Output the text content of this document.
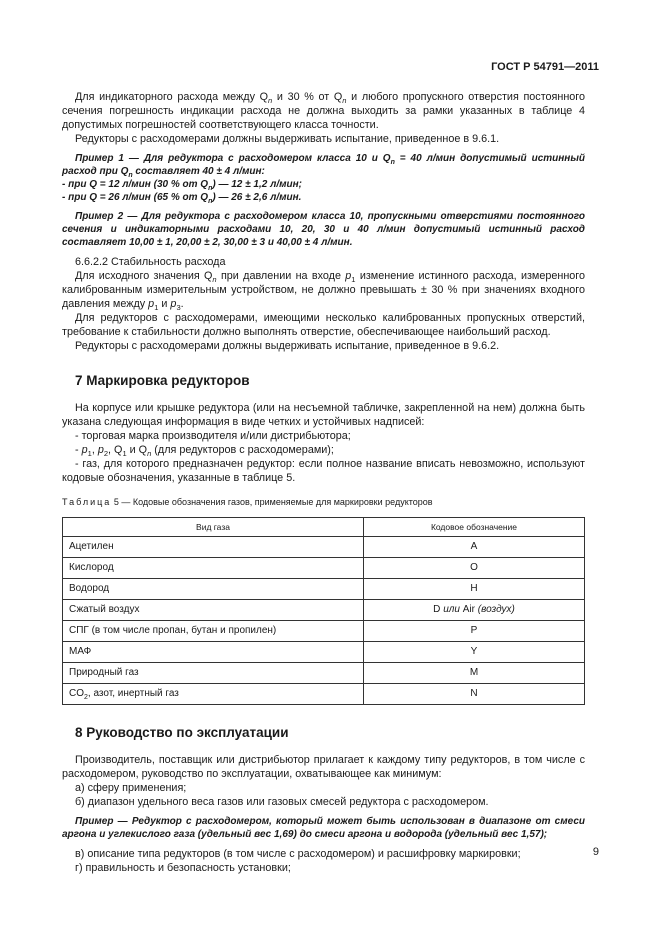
ГОСТ Р 54791—2011

Для индикаторного расхода между $Q_n$ и 30 % от $Q_n$ и любого пропускного отверстия постоянного сечения погрешность индикации расхода не должна выходить за рамки указанных в таблице 4 допустимых погрешностей соответствующего класса точности.

Редукторы с расходомерами должны выдерживать испытание, приведенное в 9.6.1.

Пример 1 — Для редуктора с расходомером класса 10 и $Q_n = 40$ л/мин допустимый истинный расход при $Q_n$ составляет 40 ± 4 л/мин:

- при Q = 12 л/мин (30 % от $Q_n$) — 12 ± 1,2 л/мин;

- при Q = 26 л/мин (65 % от $Q_n$) — 26 ± 2,6 л/мин.

Пример 2 — Для редуктора с расходомером класса 10, пропускными отверстиями постоянного сечения и индикаторными расходами 10, 20, 30 и 40 л/мин допустимый истинный расход составляет 10,00 ± 1, 20,00 ± 2, 30,00 ± 3 и 40,00 ± 4 л/мин.

6.6.2.2 Стабильность расхода

Для исходного значения $Q_n$ при давлении на входе $p_1$ изменение истинного расхода, измеренного калиброванным измерительным устройством, не должно превышать ± 30 % при значениях входного давления между $p_1$ и $p_3$.

Для редукторов с расходомерами, имеющими несколько калиброванных пропускных отверстий, требование к стабильности должно выполнять отверстие, обеспечивающее наибольший расход.

Редукторы с расходомерами должны выдерживать испытание, приведенное в 9.6.2.

7 Маркировка редукторов

На корпусе или крышке редуктора (или на несъемной табличке, закрепленной на нем) должна быть указана следующая информация в виде четких и устойчивых надписей:

- торговая марка производителя и/или дистрибьютора;

- $p_1$, $p_2$, $Q_1$ и $Q_n$ (для редукторов с расходомерами);

- газ, для которого предназначен редуктор: если полное название вписать невозможно, используют кодовые обозначения, указанные в таблице 5.

Таблица 5 — Кодовые обозначения газов, применяемые для маркировки редукторов
Вид газа	Кодовое обозначение
Ацетилен	A
Кислород	O
Водород	H
Сжатый воздух	D или Air (воздух)
СПГ (в том числе пропан, бутан и пропилен)	P
МАФ	Y
Природный газ	M
$CO_2$, азот, инертный газ	N
8 Руководство по эксплуатации

Производитель, поставщик или дистрибьютор прилагает к каждому типу редукторов, в том числе с расходомером, руководство по эксплуатации, охватывающее как минимум:

а) сферу применения;

б) диапазон удельного веса газов или газовых смесей редуктора с расходомером.

Пример — Редуктор с расходомером, который может быть использован в диапазоне от смеси аргона и углекислого газа (удельный вес 1,69) до смеси аргона и водорода (удельный вес 1,57);

в) описание типа редукторов (в том числе с расходомером) и расшифровку маркировки;

г) правильность и безопасность установки;

9
